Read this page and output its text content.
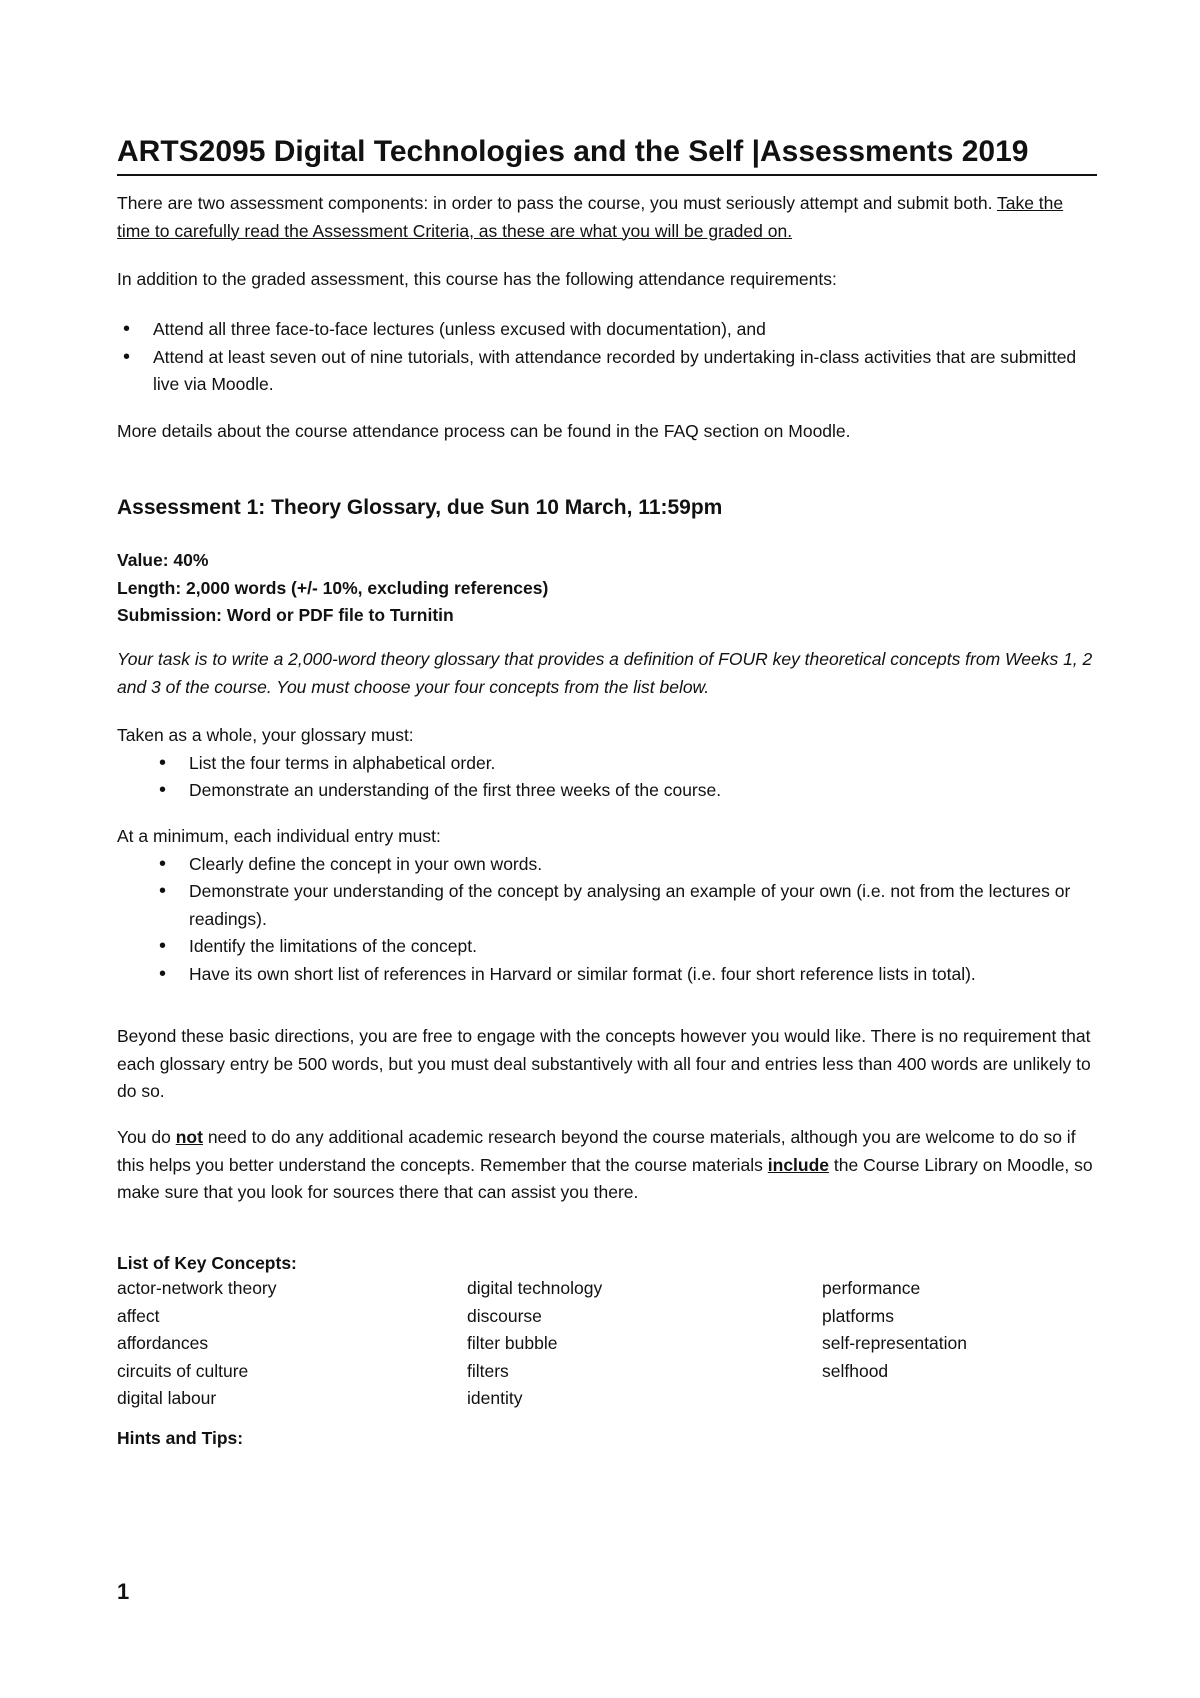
ARTS2095 Digital Technologies and the Self |Assessments 2019

There are two assessment components: in order to pass the course, you must seriously attempt and submit both. Take the time to carefully read the Assessment Criteria, as these are what you will be graded on.

In addition to the graded assessment, this course has the following attendance requirements:

• Attend all three face-to-face lectures (unless excused with documentation), and
• Attend at least seven out of nine tutorials, with attendance recorded by undertaking in-class activities that are submitted live via Moodle.

More details about the course attendance process can be found in the FAQ section on Moodle.

Assessment 1: Theory Glossary, due Sun 10 March, 11:59pm

Value: 40%

Length: 2,000 words (+/- 10%, excluding references)

Submission: Word or PDF file to Turnitin

Your task is to write a 2,000-word theory glossary that provides a definition of FOUR key theoretical concepts from Weeks 1, 2 and 3 of the course. You must choose your four concepts from the list below.

Taken as a whole, your glossary must:

• List the four terms in alphabetical order.
• Demonstrate an understanding of the first three weeks of the course.

At a minimum, each individual entry must:

• Clearly define the concept in your own words.
• Demonstrate your understanding of the concept by analysing an example of your own (i.e. not from the lectures or readings).
• Identify the limitations of the concept.
• Have its own short list of references in Harvard or similar format (i.e. four short reference lists in total).

Beyond these basic directions, you are free to engage with the concepts however you would like. There is no requirement that each glossary entry be 500 words, but you must deal substantively with all four and entries less than 400 words are unlikely to do so.

You do not need to do any additional academic research beyond the course materials, although you are welcome to do so if this helps you better understand the concepts. Remember that the course materials include the Course Library on Moodle, so make sure that you look for sources there that can assist you there.

List of Key Concepts:

actor-network theory
affect
affordances
circuits of culture
digital labour
digital technology
discourse
filter bubble
filters
identity
performance
platforms
self-representation
selfhood

Hints and Tips:

1
